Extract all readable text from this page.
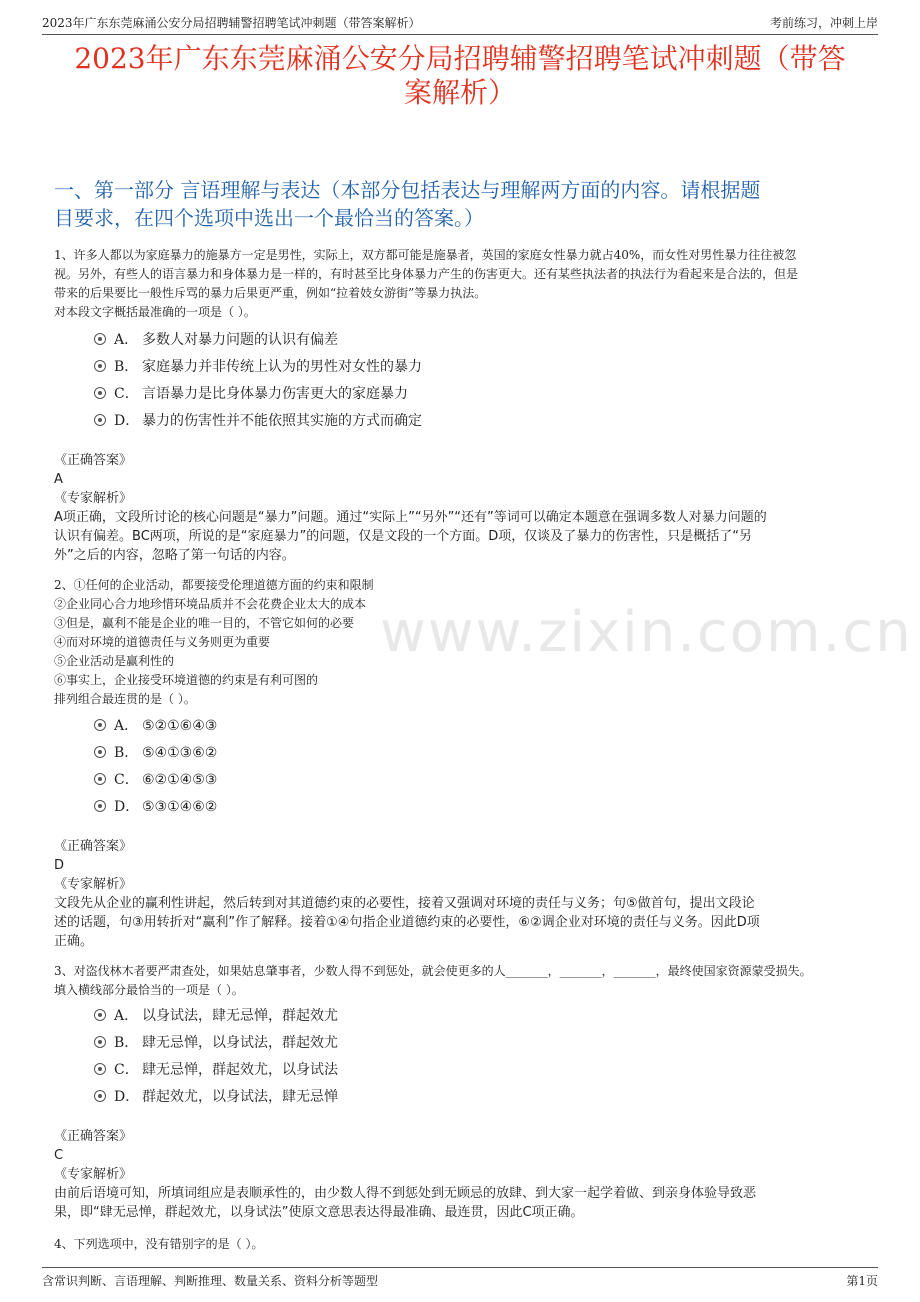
2023年广东东莞麻涌公安分局招聘辅警招聘笔试冲刺题（带答案解析）	考前练习，冲刺上岸
2023年广东东莞麻涌公安分局招聘辅警招聘笔试冲刺题（带答
案解析）
一、第一部分 言语理解与表达（本部分包括表达与理解两方面的内容。请根据题
目要求，在四个选项中选出一个最恰当的答案。）
www.zixin.com.cn
1、许多人都以为家庭暴力的施暴方一定是男性，实际上，双方都可能是施暴者，英国的家庭女性暴力就占40%，而女性对男性暴力往往被忽
视。另外，有些人的语言暴力和身体暴力是一样的，有时甚至比身体暴力产生的伤害更大。还有某些执法者的执法行为看起来是合法的，但是
带来的后果要比一般性斥骂的暴力后果更严重，例如“拉着妓女游街”等暴力执法。
对本段文字概括最准确的一项是（ ）。
A． 多数人对暴力问题的认识有偏差
B． 家庭暴力并非传统上认为的男性对女性的暴力
C． 言语暴力是比身体暴力伤害更大的家庭暴力
D． 暴力的伤害性并不能依照其实施的方式而确定
《正确答案》
A
《专家解析》
A项正确，文段所讨论的核心问题是“暴力”问题。通过“实际上”“另外”“还有”等词可以确定本题意在强调多数人对暴力问题的
认识有偏差。BC两项，所说的是“家庭暴力”的问题，仅是文段的一个方面。D项，仅谈及了暴力的伤害性，只是概括了“另
外”之后的内容，忽略了第一句话的内容。
2、①任何的企业活动，都要接受伦理道德方面的约束和限制
②企业同心合力地珍惜环境品质并不会花费企业太大的成本
③但是，赢利不能是企业的唯一目的，不管它如何的必要
④而对环境的道德责任与义务则更为重要
⑤企业活动是赢利性的
⑥事实上，企业接受环境道德的约束是有利可图的
排列组合最连贯的是（ ）。
A． ⑤②①⑥④③
B． ⑤④①③⑥②
C． ⑥②①④⑤③
D． ⑤③①④⑥②
《正确答案》
D
《专家解析》
文段先从企业的赢利性讲起，然后转到对其道德约束的必要性，接着又强调对环境的责任与义务；句⑤做首句，提出文段论
述的话题，句③用转折对“赢利”作了解释。接着①④句指企业道德约束的必要性，⑥②调企业对环境的责任与义务。因此D项
正确。
3、对盗伐林木者要严肃查处，如果姑息肇事者，少数人得不到惩处，就会使更多的人_______，_______，_______，最终使国家资源蒙受损失。
填入横线部分最恰当的一项是（ ）。
A． 以身试法，肆无忌惮，群起效尤
B． 肆无忌惮，以身试法，群起效尤
C． 肆无忌惮，群起效尤，以身试法
D． 群起效尤，以身试法，肆无忌惮
《正确答案》
C
《专家解析》
由前后语境可知，所填词组应是表顺承性的，由少数人得不到惩处到无顾忌的放肆、到大家一起学着做、到亲身体验导致恶
果，即“肆无忌惮，群起效尤，以身试法”使原文意思表达得最准确、最连贯，因此C项正确。
4、下列选项中，没有错别字的是（ ）。
含常识判断、言语理解、判断推理、数量关系、资料分析等题型	第1页
